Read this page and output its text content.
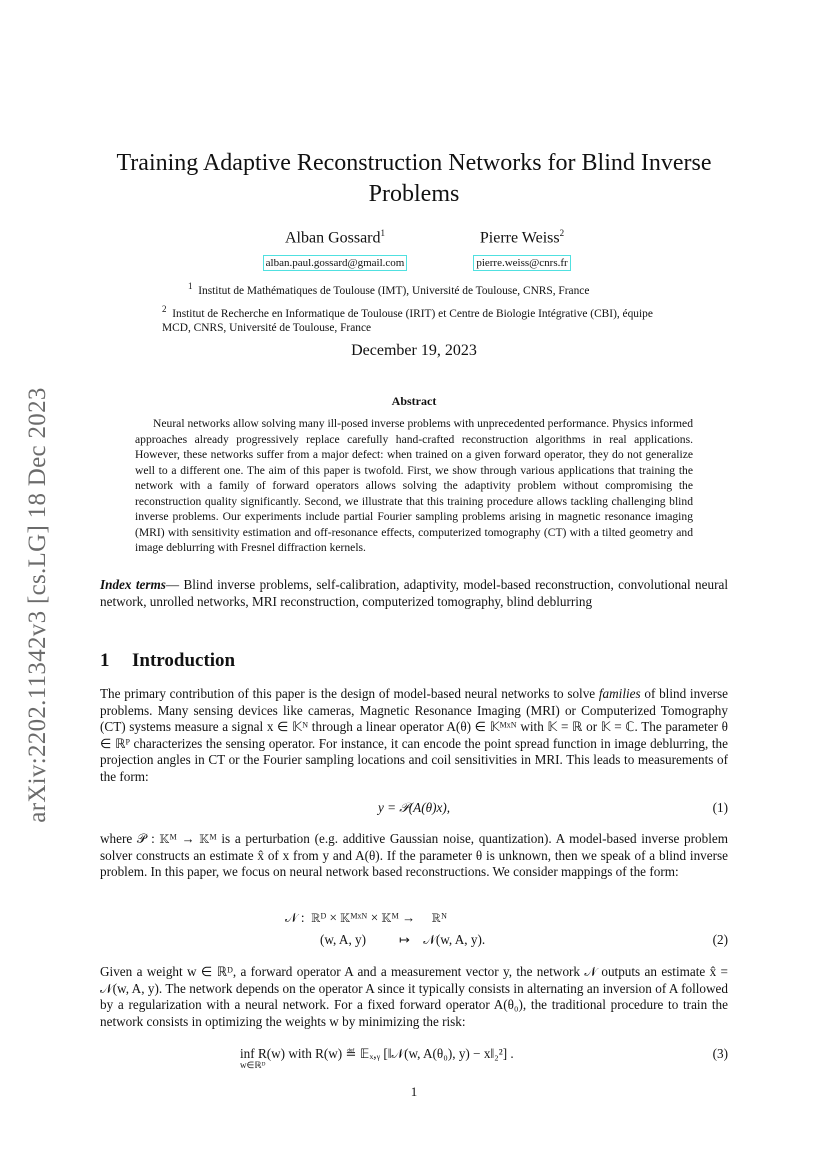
arXiv:2202.11342v3 [cs.LG] 18 Dec 2023
Training Adaptive Reconstruction Networks for Blind Inverse
Problems
Alban Gossard$^1$
alban.paul.gossard@gmail.com
Pierre Weiss$^2$
pierre.weiss@cnrs.fr
$^1$ Institut de Mathématiques de Toulouse (IMT), Université de Toulouse, CNRS, France
$^2$ Institut de Recherche en Informatique de Toulouse (IRIT) et Centre de Biologie Intégrative (CBI), équipe MCD, CNRS, Université de Toulouse, France
December 19, 2023
Abstract
Neural networks allow solving many ill-posed inverse problems with unprecedented performance. Physics informed approaches already progressively replace carefully hand-crafted reconstruction algorithms in real applications. However, these networks suffer from a major defect: when trained on a given forward operator, they do not generalize well to a different one. The aim of this paper is twofold. First, we show through various applications that training the network with a family of forward operators allows solving the adaptivity problem without compromising the reconstruction quality significantly. Second, we illustrate that this training procedure allows tackling challenging blind inverse problems. Our experiments include partial Fourier sampling problems arising in magnetic resonance imaging (MRI) with sensitivity estimation and off-resonance effects, computerized tomography (CT) with a tilted geometry and image deblurring with Fresnel diffraction kernels.
Index terms— Blind inverse problems, self-calibration, adaptivity, model-based reconstruction, convolutional neural network, unrolled networks, MRI reconstruction, computerized tomography, blind deblurring
1 Introduction
The primary contribution of this paper is the design of model-based neural networks to solve families of blind inverse problems. Many sensing devices like cameras, Magnetic Resonance Imaging (MRI) or Computerized Tomography (CT) systems measure a signal x ∈ 𝕂ᴺ through a linear operator A(θ) ∈ 𝕂ᴹˣᴺ with 𝕂 = ℝ or 𝕂 = ℂ. The parameter θ ∈ ℝᴾ characterizes the sensing operator. For instance, it can encode the point spread function in image deblurring, the projection angles in CT or the Fourier sampling locations and coil sensitivities in MRI. This leads to measurements of the form:
y = 𝒫(A(θ)x),	(1)
where 𝒫 : 𝕂ᴹ → 𝕂ᴹ is a perturbation (e.g. additive Gaussian noise, quantization). A model-based inverse problem solver constructs an estimate x̂ of x from y and A(θ). If the parameter θ is unknown, then we speak of a blind inverse problem. In this paper, we focus on neural network based reconstructions. We consider mappings of the form:
𝒩 :  ℝᴰ × 𝕂ᴹˣᴺ × 𝕂ᴹ →     ℝᴺ
(w, A, y)          ↦    𝒩(w, A, y).	(2)
Given a weight w ∈ ℝᴰ, a forward operator A and a measurement vector y, the network 𝒩 outputs an estimate x̂ = 𝒩(w, A, y). The network depends on the operator A since it typically consists in alternating an inversion of A followed by a regularization with a neural network. For a fixed forward operator A(θ₀), the traditional procedure to train the network consists in optimizing the weights w by minimizing the risk:
inf R(w) with R(w) ≝ 𝔼ₓ,ᵧ [‖𝒩(w, A(θ₀), y) − x‖₂²] .
w∈ℝᴰ
(3)
1
